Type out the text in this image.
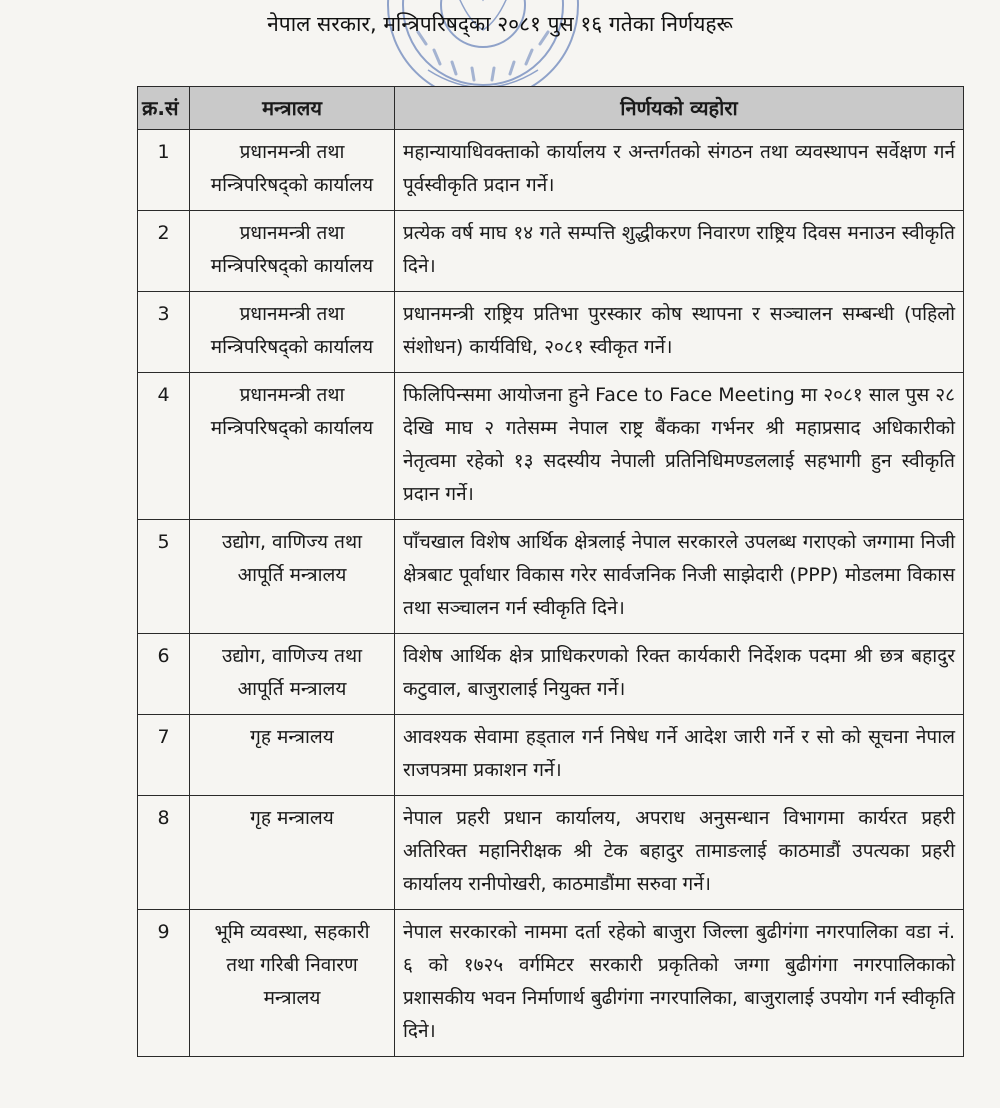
नेपाल सरकार, मन्त्रिपरिषद्का २०८१ पुस १६ गतेका निर्णयहरू
क्र.सं	मन्त्रालय	निर्णयको व्यहोरा
1	प्रधानमन्त्री तथा मन्त्रिपरिषद्को कार्यालय	महान्यायाधिवक्ताको कार्यालय र अन्तर्गतको संगठन तथा व्यवस्थापन सर्वेक्षण गर्न पूर्वस्वीकृति प्रदान गर्ने।
2	प्रधानमन्त्री तथा मन्त्रिपरिषद्को कार्यालय	प्रत्येक वर्ष माघ १४ गते सम्पत्ति शुद्धीकरण निवारण राष्ट्रिय दिवस मनाउन स्वीकृति दिने।
3	प्रधानमन्त्री तथा मन्त्रिपरिषद्को कार्यालय	प्रधानमन्त्री राष्ट्रिय प्रतिभा पुरस्कार कोष स्थापना र सञ्चालन सम्बन्धी (पहिलो संशोधन) कार्यविधि, २०८१ स्वीकृत गर्ने।
4	प्रधानमन्त्री तथा मन्त्रिपरिषद्को कार्यालय	फिलिपिन्समा आयोजना हुने Face to Face Meeting मा २०८१ साल पुस २८ देखि माघ २ गतेसम्म नेपाल राष्ट्र बैंकका गर्भनर श्री महाप्रसाद अधिकारीको नेतृत्वमा रहेको १३ सदस्यीय नेपाली प्रतिनिधिमण्डललाई सहभागी हुन स्वीकृति प्रदान गर्ने।
5	उद्योग, वाणिज्य तथा आपूर्ति मन्त्रालय	पाँचखाल विशेष आर्थिक क्षेत्रलाई नेपाल सरकारले उपलब्ध गराएको जग्गामा निजी क्षेत्रबाट पूर्वाधार विकास गरेर सार्वजनिक निजी साझेदारी (PPP) मोडलमा विकास तथा सञ्चालन गर्न स्वीकृति दिने।
6	उद्योग, वाणिज्य तथा आपूर्ति मन्त्रालय	विशेष आर्थिक क्षेत्र प्राधिकरणको रिक्त कार्यकारी निर्देशक पदमा श्री छत्र बहादुर कटुवाल, बाजुरालाई नियुक्त गर्ने।
7	गृह मन्त्रालय	आवश्यक सेवामा हड्ताल गर्न निषेध गर्ने आदेश जारी गर्ने र सो को सूचना नेपाल राजपत्रमा प्रकाशन गर्ने।
8	गृह मन्त्रालय	नेपाल प्रहरी प्रधान कार्यालय, अपराध अनुसन्धान विभागमा कार्यरत प्रहरी अतिरिक्त महानिरीक्षक श्री टेक बहादुर तामाङलाई काठमाडौं उपत्यका प्रहरी कार्यालय रानीपोखरी, काठमाडौंमा सरुवा गर्ने।
9	भूमि व्यवस्था, सहकारी तथा गरिबी निवारण मन्त्रालय	नेपाल सरकारको नाममा दर्ता रहेको बाजुरा जिल्ला बुढीगंगा नगरपालिका वडा नं. ६ को १७२५ वर्गमिटर सरकारी प्रकृतिको जग्गा बुढीगंगा नगरपालिकाको प्रशासकीय भवन निर्माणार्थ बुढीगंगा नगरपालिका, बाजुरालाई उपयोग गर्न स्वीकृति दिने।
